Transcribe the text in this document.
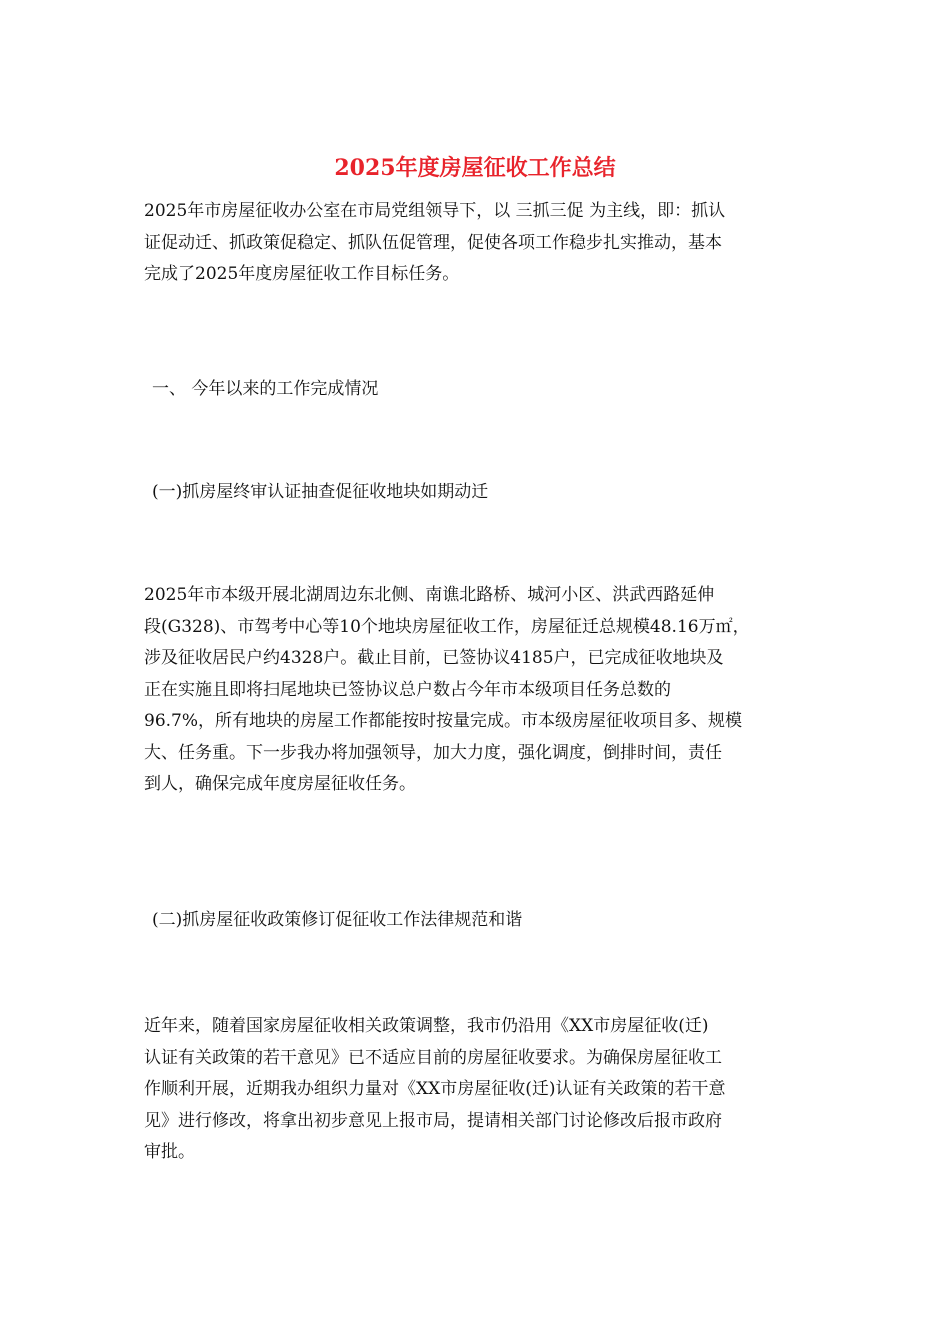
2025年度房屋征收工作总结
2025年市房屋征收办公室在市局党组领导下，以 三抓三促 为主线，即：抓认
证促动迁、抓政策促稳定、抓队伍促管理，促使各项工作稳步扎实推动，基本
完成了2025年度房屋征收工作目标任务。
一、 今年以来的工作完成情况
(一)抓房屋终审认证抽查促征收地块如期动迁
2025年市本级开展北湖周边东北侧、南谯北路桥、城河小区、洪武西路延伸
段(G328)、市驾考中心等10个地块房屋征收工作，房屋征迁总规模48.16万㎡，
涉及征收居民户约4328户。截止目前，已签协议4185户，已完成征收地块及
正在实施且即将扫尾地块已签协议总户数占今年市本级项目任务总数的
96.7%，所有地块的房屋工作都能按时按量完成。市本级房屋征收项目多、规模
大、任务重。下一步我办将加强领导，加大力度，强化调度，倒排时间，责任
到人，确保完成年度房屋征收任务。
(二)抓房屋征收政策修订促征收工作法律规范和谐
近年来，随着国家房屋征收相关政策调整，我市仍沿用《XX市房屋征收(迁)
认证有关政策的若干意见》已不适应目前的房屋征收要求。为确保房屋征收工
作顺利开展，近期我办组织力量对《XX市房屋征收(迁)认证有关政策的若干意
见》进行修改，将拿出初步意见上报市局，提请相关部门讨论修改后报市政府
审批。
